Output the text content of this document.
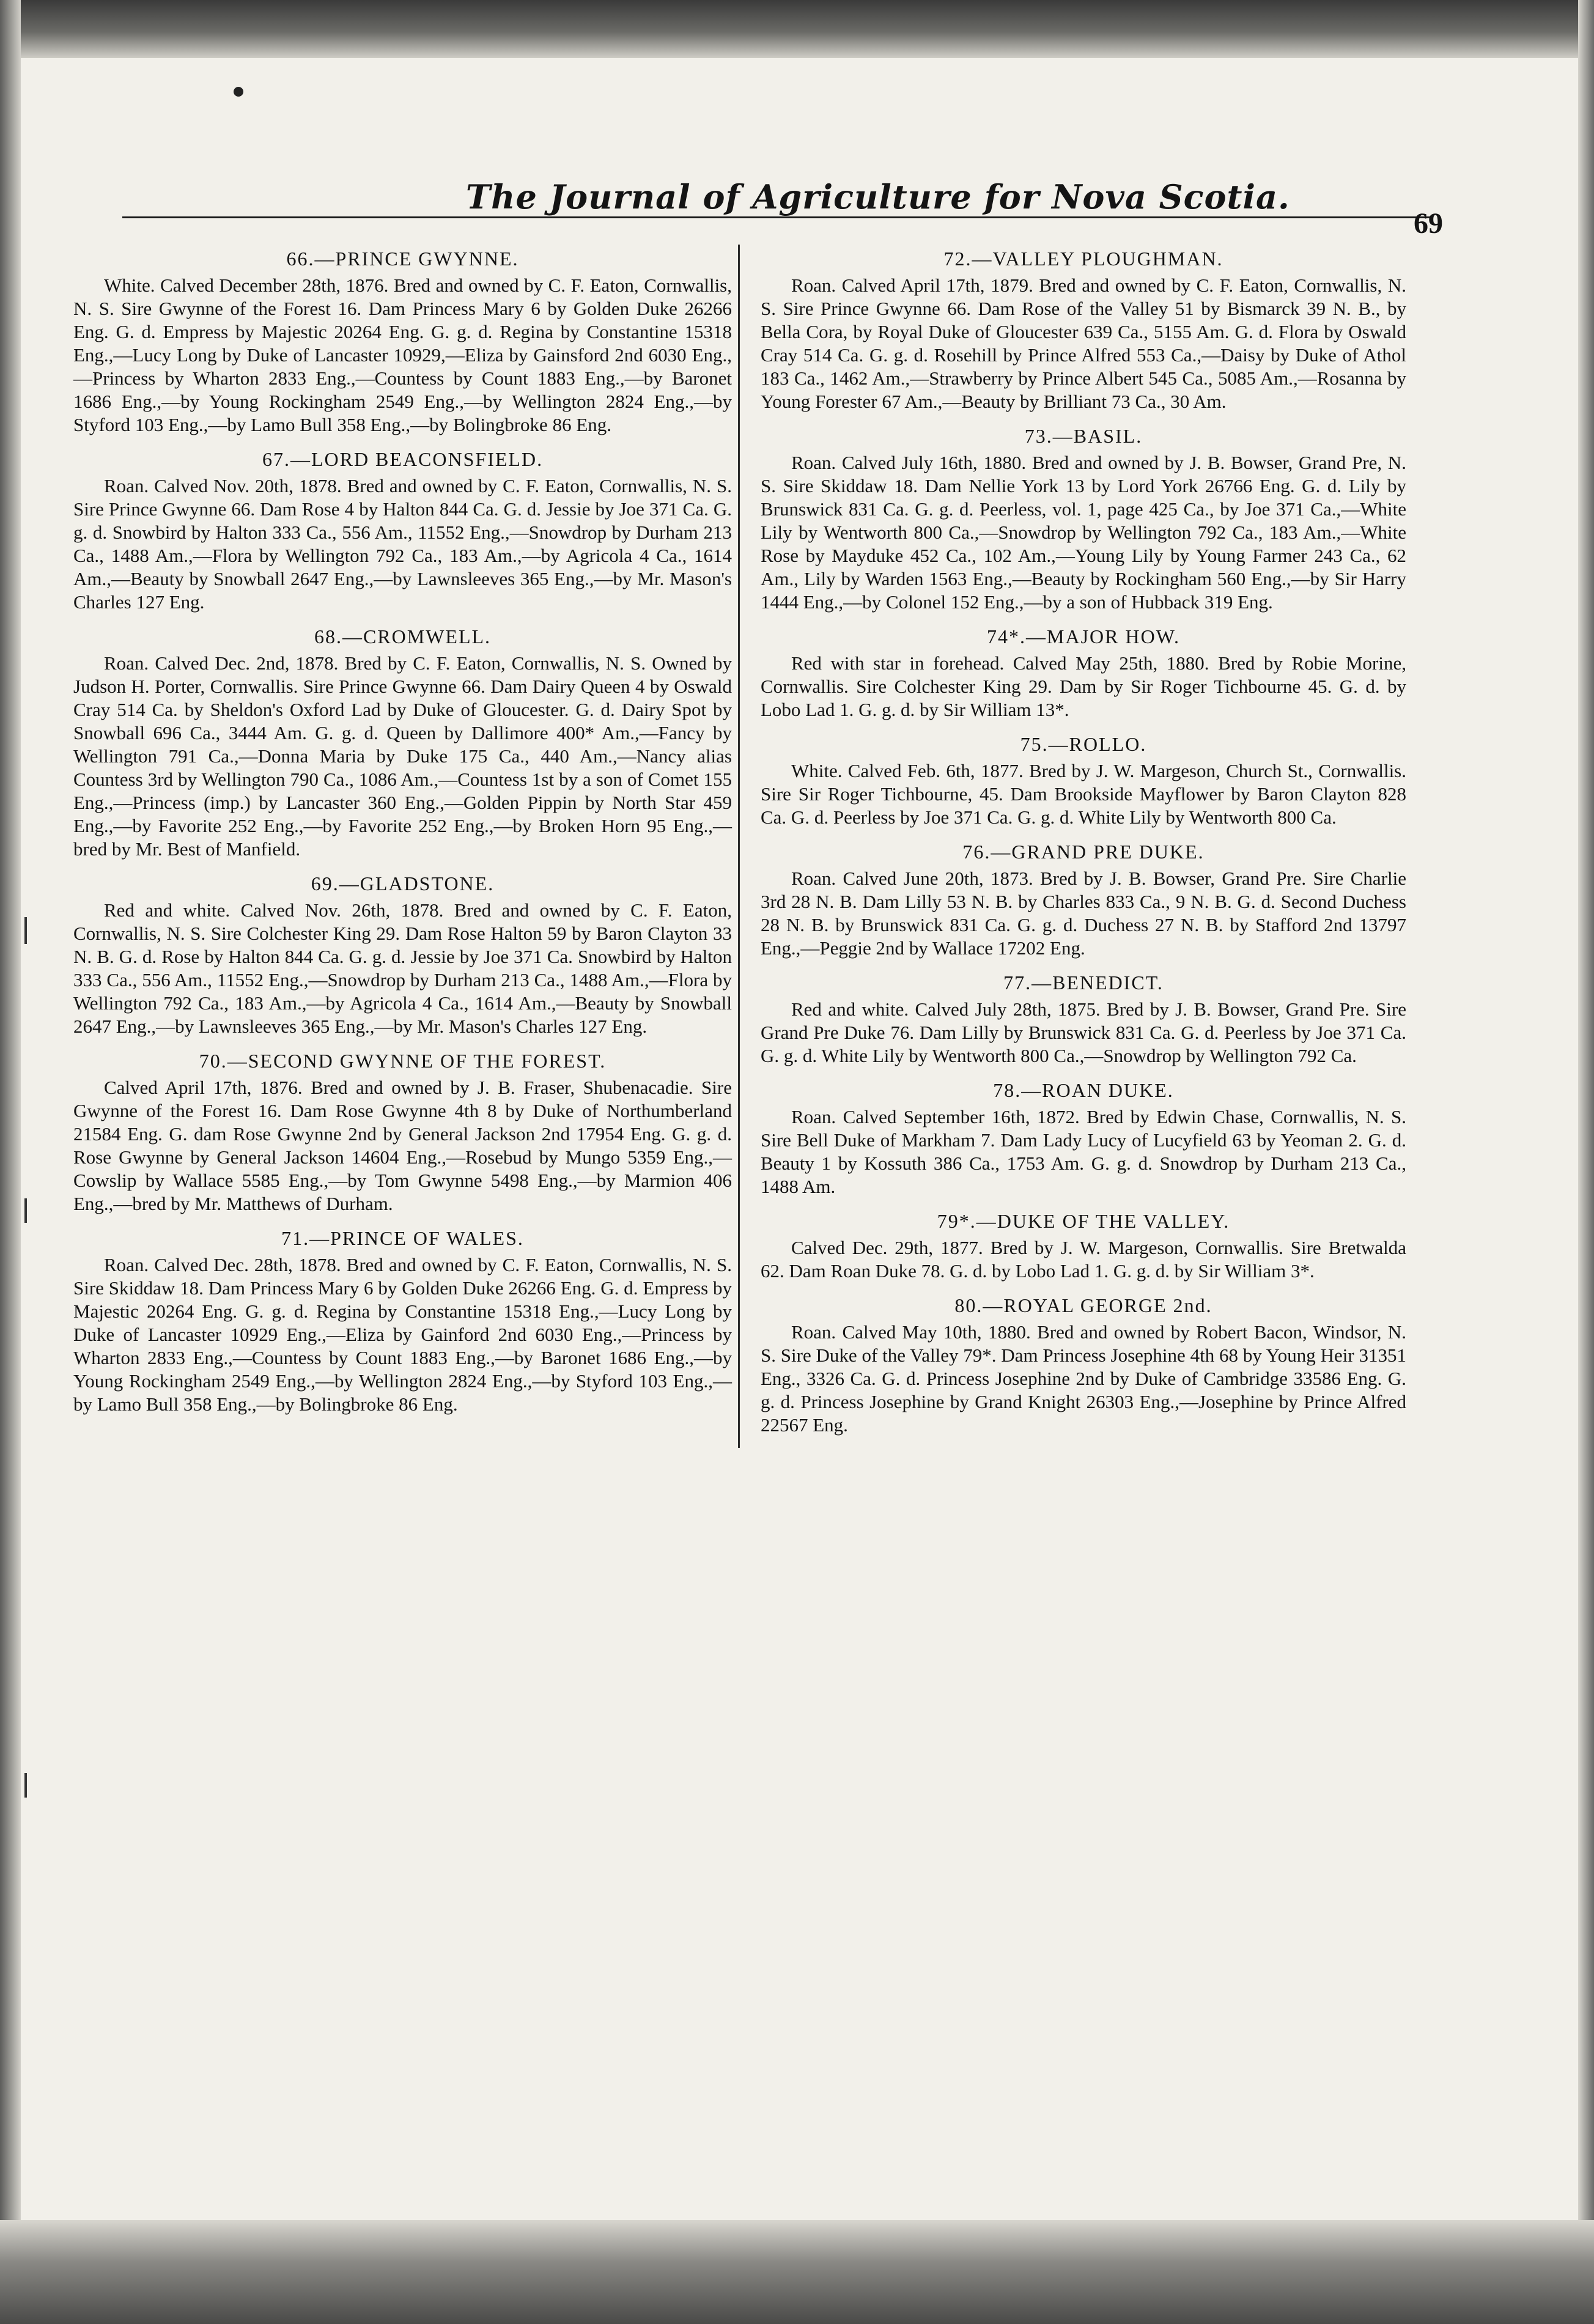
The Journal of Agriculture for Nova Scotia.
69
66.—PRINCE GWYNNE.
White. Calved December 28th, 1876. Bred and owned by C. F. Eaton, Cornwallis, N. S. Sire Gwynne of the Forest 16. Dam Princess Mary 6 by Golden Duke 26266 Eng. G. d. Empress by Majestic 20264 Eng. G. g. d. Regina by Constantine 15318 Eng.,—Lucy Long by Duke of Lancaster 10929,—Eliza by Gainsford 2nd 6030 Eng.,—Princess by Wharton 2833 Eng.,—Countess by Count 1883 Eng.,—by Baronet 1686 Eng.,—by Young Rockingham 2549 Eng.,—by Wellington 2824 Eng.,—by Styford 103 Eng.,—by Lamo Bull 358 Eng.,—by Bolingbroke 86 Eng.
67.—LORD BEACONSFIELD.
Roan. Calved Nov. 20th, 1878. Bred and owned by C. F. Eaton, Cornwallis, N. S. Sire Prince Gwynne 66. Dam Rose 4 by Halton 844 Ca. G. d. Jessie by Joe 371 Ca. G. g. d. Snowbird by Halton 333 Ca., 556 Am., 11552 Eng.,—Snowdrop by Durham 213 Ca., 1488 Am.,—Flora by Wellington 792 Ca., 183 Am.,—by Agricola 4 Ca., 1614 Am.,—Beauty by Snowball 2647 Eng.,—by Lawnsleeves 365 Eng.,—by Mr. Mason's Charles 127 Eng.
68.—CROMWELL.
Roan. Calved Dec. 2nd, 1878. Bred by C. F. Eaton, Cornwallis, N. S. Owned by Judson H. Porter, Cornwallis. Sire Prince Gwynne 66. Dam Dairy Queen 4 by Oswald Cray 514 Ca. by Sheldon's Oxford Lad by Duke of Gloucester. G. d. Dairy Spot by Snowball 696 Ca., 3444 Am. G. g. d. Queen by Dallimore 400* Am.,—Fancy by Wellington 791 Ca.,—Donna Maria by Duke 175 Ca., 440 Am.,—Nancy alias Countess 3rd by Wellington 790 Ca., 1086 Am.,—Countess 1st by a son of Comet 155 Eng.,—Princess (imp.) by Lancaster 360 Eng.,—Golden Pippin by North Star 459 Eng.,—by Favorite 252 Eng.,—by Favorite 252 Eng.,—by Broken Horn 95 Eng.,—bred by Mr. Best of Manfield.
69.—GLADSTONE.
Red and white. Calved Nov. 26th, 1878. Bred and owned by C. F. Eaton, Cornwallis, N. S. Sire Colchester King 29. Dam Rose Halton 59 by Baron Clayton 33 N. B. G. d. Rose by Halton 844 Ca. G. g. d. Jessie by Joe 371 Ca. Snowbird by Halton 333 Ca., 556 Am., 11552 Eng.,—Snowdrop by Durham 213 Ca., 1488 Am.,—Flora by Wellington 792 Ca., 183 Am.,—by Agricola 4 Ca., 1614 Am.,—Beauty by Snowball 2647 Eng.,—by Lawnsleeves 365 Eng.,—by Mr. Mason's Charles 127 Eng.
70.—SECOND GWYNNE OF THE FOREST.
Calved April 17th, 1876. Bred and owned by J. B. Fraser, Shubenacadie. Sire Gwynne of the Forest 16. Dam Rose Gwynne 4th 8 by Duke of Northumberland 21584 Eng. G. dam Rose Gwynne 2nd by General Jackson 2nd 17954 Eng. G. g. d. Rose Gwynne by General Jackson 14604 Eng.,—Rosebud by Mungo 5359 Eng.,—Cowslip by Wallace 5585 Eng.,—by Tom Gwynne 5498 Eng.,—by Marmion 406 Eng.,—bred by Mr. Matthews of Durham.
71.—PRINCE OF WALES.
Roan. Calved Dec. 28th, 1878. Bred and owned by C. F. Eaton, Cornwallis, N. S. Sire Skiddaw 18. Dam Princess Mary 6 by Golden Duke 26266 Eng. G. d. Empress by Majestic 20264 Eng. G. g. d. Regina by Constantine 15318 Eng.,—Lucy Long by Duke of Lancaster 10929 Eng.,—Eliza by Gainford 2nd 6030 Eng.,—Princess by Wharton 2833 Eng.,—Countess by Count 1883 Eng.,—by Baronet 1686 Eng.,—by Young Rockingham 2549 Eng.,—by Wellington 2824 Eng.,—by Styford 103 Eng.,—by Lamo Bull 358 Eng.,—by Bolingbroke 86 Eng.
72.—VALLEY PLOUGHMAN.
Roan. Calved April 17th, 1879. Bred and owned by C. F. Eaton, Cornwallis, N. S. Sire Prince Gwynne 66. Dam Rose of the Valley 51 by Bismarck 39 N. B., by Bella Cora, by Royal Duke of Gloucester 639 Ca., 5155 Am. G. d. Flora by Oswald Cray 514 Ca. G. g. d. Rosehill by Prince Alfred 553 Ca.,—Daisy by Duke of Athol 183 Ca., 1462 Am.,—Strawberry by Prince Albert 545 Ca., 5085 Am.,—Rosanna by Young Forester 67 Am.,—Beauty by Brilliant 73 Ca., 30 Am.
73.—BASIL.
Roan. Calved July 16th, 1880. Bred and owned by J. B. Bowser, Grand Pre, N. S. Sire Skiddaw 18. Dam Nellie York 13 by Lord York 26766 Eng. G. d. Lily by Brunswick 831 Ca. G. g. d. Peerless, vol. 1, page 425 Ca., by Joe 371 Ca.,—White Lily by Wentworth 800 Ca.,—Snowdrop by Wellington 792 Ca., 183 Am.,—White Rose by Mayduke 452 Ca., 102 Am.,—Young Lily by Young Farmer 243 Ca., 62 Am., Lily by Warden 1563 Eng.,—Beauty by Rockingham 560 Eng.,—by Sir Harry 1444 Eng.,—by Colonel 152 Eng.,—by a son of Hubback 319 Eng.
74*.—MAJOR HOW.
Red with star in forehead. Calved May 25th, 1880. Bred by Robie Morine, Cornwallis. Sire Colchester King 29. Dam by Sir Roger Tichbourne 45. G. d. by Lobo Lad 1. G. g. d. by Sir William 13*.
75.—ROLLO.
White. Calved Feb. 6th, 1877. Bred by J. W. Margeson, Church St., Cornwallis. Sire Sir Roger Tichbourne, 45. Dam Brookside Mayflower by Baron Clayton 828 Ca. G. d. Peerless by Joe 371 Ca. G. g. d. White Lily by Wentworth 800 Ca.
76.—GRAND PRE DUKE.
Roan. Calved June 20th, 1873. Bred by J. B. Bowser, Grand Pre. Sire Charlie 3rd 28 N. B. Dam Lilly 53 N. B. by Charles 833 Ca., 9 N. B. G. d. Second Duchess 28 N. B. by Brunswick 831 Ca. G. g. d. Duchess 27 N. B. by Stafford 2nd 13797 Eng.,—Peggie 2nd by Wallace 17202 Eng.
77.—BENEDICT.
Red and white. Calved July 28th, 1875. Bred by J. B. Bowser, Grand Pre. Sire Grand Pre Duke 76. Dam Lilly by Brunswick 831 Ca. G. d. Peerless by Joe 371 Ca. G. g. d. White Lily by Wentworth 800 Ca.,—Snowdrop by Wellington 792 Ca.
78.—ROAN DUKE.
Roan. Calved September 16th, 1872. Bred by Edwin Chase, Cornwallis, N. S. Sire Bell Duke of Markham 7. Dam Lady Lucy of Lucyfield 63 by Yeoman 2. G. d. Beauty 1 by Kossuth 386 Ca., 1753 Am. G. g. d. Snowdrop by Durham 213 Ca., 1488 Am.
79*.—DUKE OF THE VALLEY.
Calved Dec. 29th, 1877. Bred by J. W. Margeson, Cornwallis. Sire Bretwalda 62. Dam Roan Duke 78. G. d. by Lobo Lad 1. G. g. d. by Sir William 3*.
80.—ROYAL GEORGE 2nd.
Roan. Calved May 10th, 1880. Bred and owned by Robert Bacon, Windsor, N. S. Sire Duke of the Valley 79*. Dam Princess Josephine 4th 68 by Young Heir 31351 Eng., 3326 Ca. G. d. Princess Josephine 2nd by Duke of Cambridge 33586 Eng. G. g. d. Princess Josephine by Grand Knight 26303 Eng.,—Josephine by Prince Alfred 22567 Eng.
